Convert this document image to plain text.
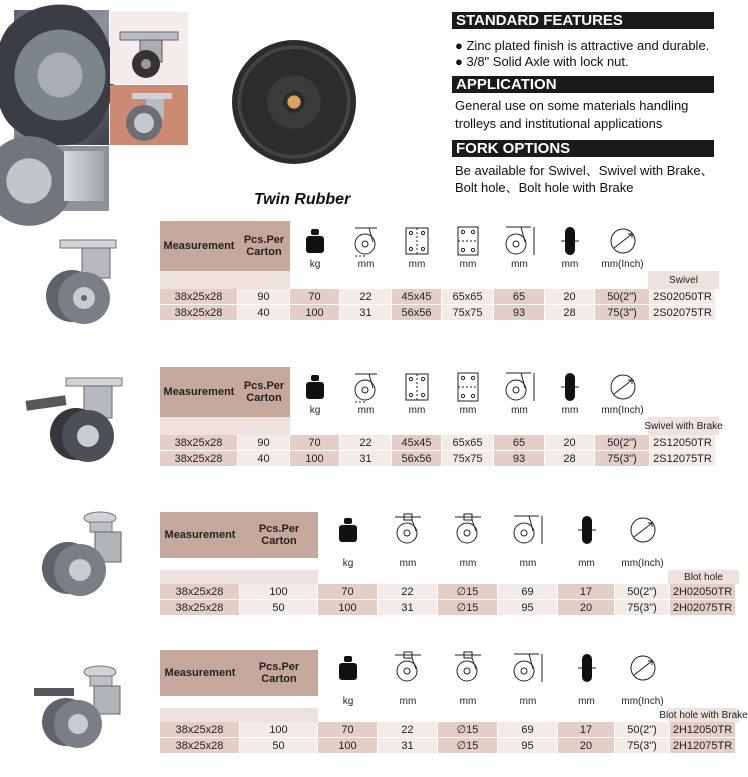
Twin Rubber
STANDARD FEATURES
● Zinc plated finish is attractive and durable.
● 3/8" Solid Axle with lock nut.
APPLICATION
General use on some materials handling
trolleys and institutional applications
FORK OPTIONS
Be available for Swivel、Swivel with Brake、
Bolt hole、Bolt hole with Brake
Measurement Pcs.Per
Carton
kg	mm	mm	mm	mm	mm	mm(Inch)
Swivel
38x25x28	90	70	22	45x45	65x65	65	20	50(2")	2S02050TR
38x25x28	40	100	31	56x56	75x75	93	28	75(3")	2S02075TR
Measurement Pcs.Per
Carton
kg	mm	mm	mm	mm	mm	mm(Inch)
Swivel with Brake
38x25x28	90	70	22	45x45	65x65	65	20	50(2")	2S12050TR
38x25x28	40	100	31	56x56	75x75	93	28	75(3")	2S12075TR
Measurement	Pcs.Per
Carton
kg	mm	mm	mm	mm	mm(Inch)
Blot hole
38x25x28	100	70	22	∅15	69	17	50(2")	2H02050TR
38x25x28	50	100	31	∅15	95	20	75(3")	2H02075TR
Measurement	Pcs.Per
Carton
kg	mm	mm	mm	mm	mm(Inch)
Blot hole with Brake
38x25x28	100	70	22	∅15	69	17	50(2")	2H12050TR
38x25x28	50	100	31	∅15	95	20	75(3")	2H12075TR
